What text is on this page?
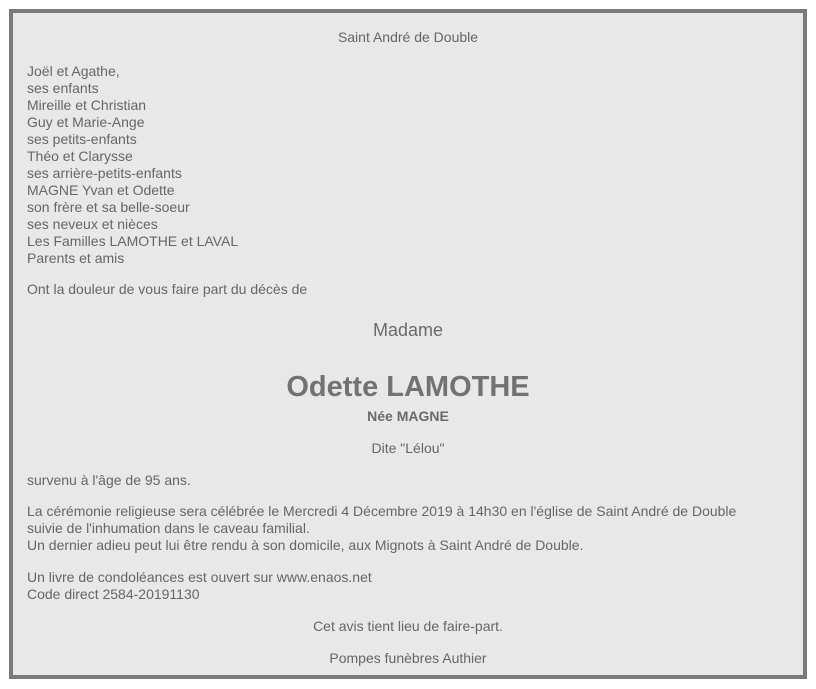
Saint André de Double
Joël et Agathe,
ses enfants
Mireille et Christian
Guy et Marie-Ange
ses petits-enfants
Théo et Clarysse
ses arrière-petits-enfants
MAGNE Yvan et Odette
son frère et sa belle-soeur
ses neveux et nièces
Les Familles LAMOTHE et LAVAL
Parents et amis
Ont la douleur de vous faire part du décès de
Madame
Odette LAMOTHE
Née MAGNE
Dite "Lélou"
survenu à l'âge de 95 ans.
La cérémonie religieuse sera célébrée le Mercredi 4 Décembre 2019 à 14h30 en l'église de Saint André de Double
suivie de l'inhumation dans le caveau familial.
Un dernier adieu peut lui être rendu à son domicile, aux Mignots à Saint André de Double.
Un livre de condoléances est ouvert sur www.enaos.net
Code direct 2584-20191130
Cet avis tient lieu de faire-part.
Pompes funèbres Authier
